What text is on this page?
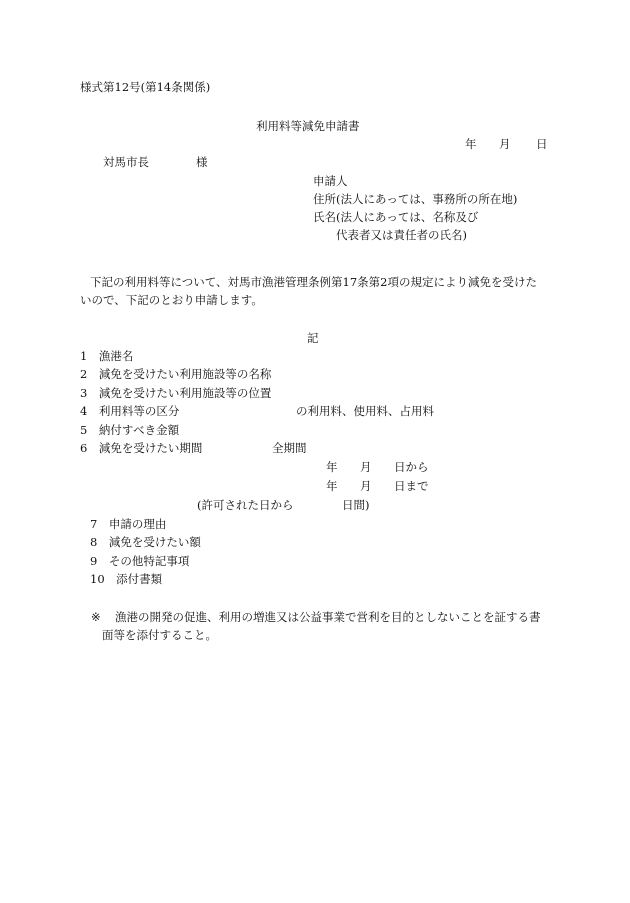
様式第12号(第14条関係)
利用料等減免申請書
年 月 日
対馬市長	様
申請人
住所(法人にあっては、事務所の所在地)
氏名(法人にあっては、名称及び
代表者又は責任者の氏名)
下記の利用料等について、対馬市漁港管理条例第17条第2項の規定により減免を受けた
いので、下記のとおり申請します。
記
1　漁港名
2　減免を受けたい利用施設等の名称
3　減免を受けたい利用施設等の位置
4　利用料等の区分	の利用料、使用料、占用料
5　納付すべき金額
6　減免を受けたい期間	全期間
年 月 日から
年 月 日まで
(許可された日から	日間)
7　申請の理由
8　減免を受けたい額
9　その他特記事項
10　添付書類
※ 漁港の開発の促進、利用の増進又は公益事業で営利を目的としないことを証する書
面等を添付すること。
